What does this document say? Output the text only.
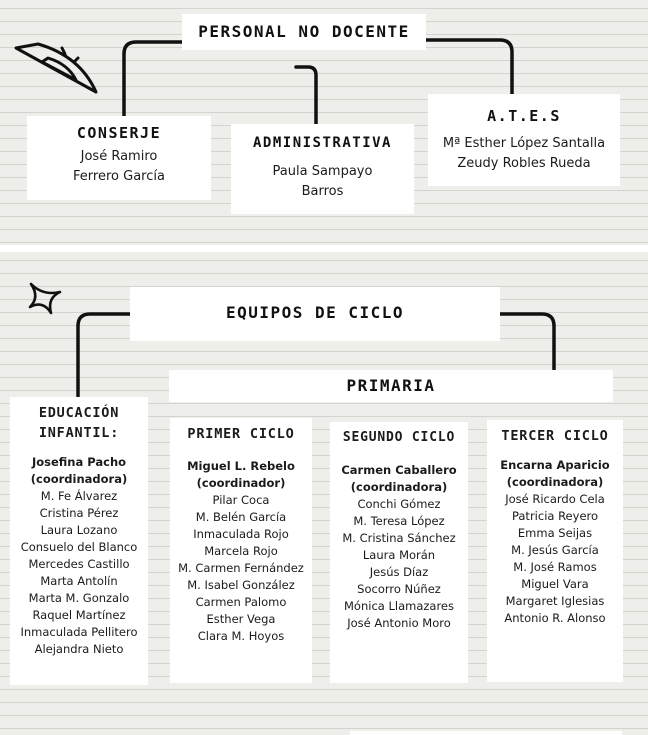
PERSONAL NO DOCENTE
CONSERJE
José Ramiro
Ferrero García
ADMINISTRATIVA
Paula Sampayo
Barros
A.T.E.S
Mª Esther López Santalla
Zeudy Robles Rueda
EQUIPOS DE CICLO
PRIMARIA
EDUCACIÓN
INFANTIL:
Josefina Pacho
(coordinadora)
M. Fe Álvarez
Cristina Pérez
Laura Lozano
Consuelo del Blanco
Mercedes Castillo
Marta Antolín
Marta M. Gonzalo
Raquel Martínez
Inmaculada Pellitero
Alejandra Nieto
PRIMER CICLO
Miguel L. Rebelo
(coordinador)
Pilar Coca
M. Belén García
Inmaculada Rojo
Marcela Rojo
M. Carmen Fernández
M. Isabel González
Carmen Palomo
Esther Vega
Clara M. Hoyos
SEGUNDO CICLO
Carmen Caballero
(coordinadora)
Conchi Gómez
M. Teresa López
M. Cristina Sánchez
Laura Morán
Jesús Díaz
Socorro Núñez
Mónica Llamazares
José Antonio Moro
TERCER CICLO
Encarna Aparicio
(coordinadora)
José Ricardo Cela
Patricia Reyero
Emma Seijas
M. Jesús García
M. José Ramos
Miguel Vara
Margaret Iglesias
Antonio R. Alonso
